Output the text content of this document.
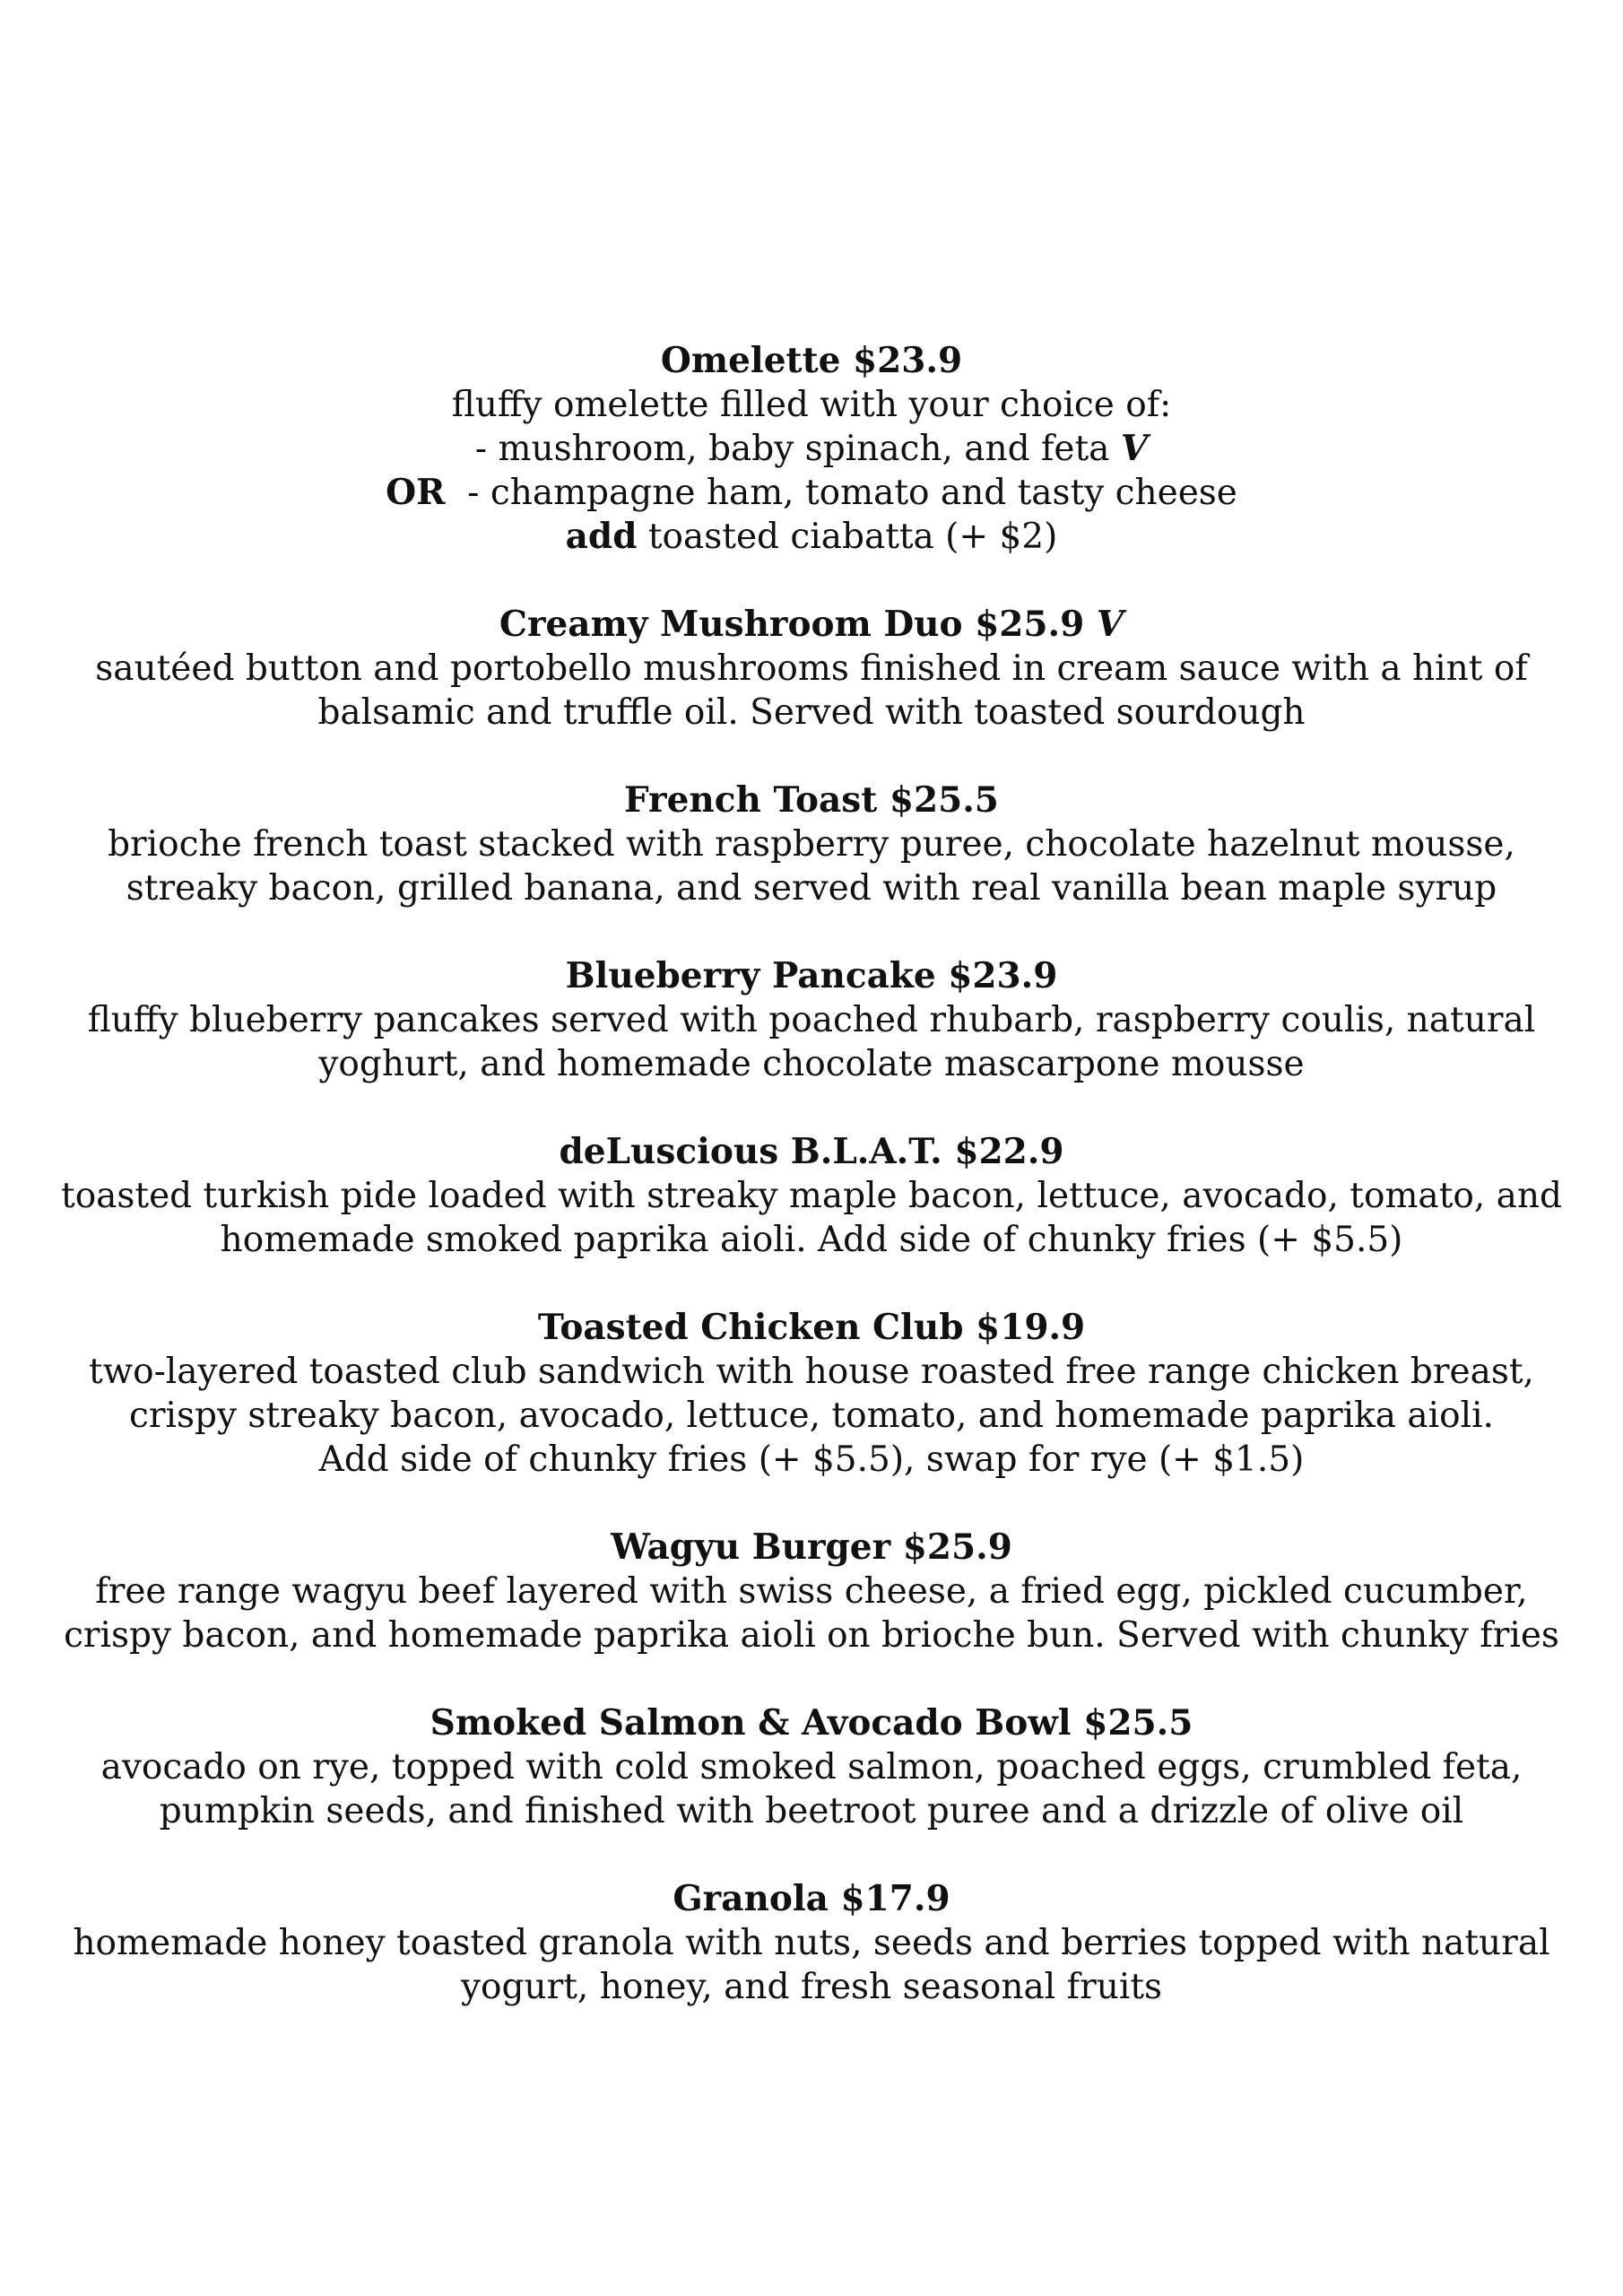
Omelette $23.9
fluffy omelette filled with your choice of:
- mushroom, baby spinach, and feta V
OR - champagne ham, tomato and tasty cheese
add toasted ciabatta (+ $2)
Creamy Mushroom Duo $25.9 V
sautéed button and portobello mushrooms finished in cream sauce with a hint of
balsamic and truffle oil. Served with toasted sourdough
French Toast $25.5
brioche french toast stacked with raspberry puree, chocolate hazelnut mousse,
streaky bacon, grilled banana, and served with real vanilla bean maple syrup
Blueberry Pancake $23.9
fluffy blueberry pancakes served with poached rhubarb, raspberry coulis, natural
yoghurt, and homemade chocolate mascarpone mousse
deLuscious B.L.A.T. $22.9
toasted turkish pide loaded with streaky maple bacon, lettuce, avocado, tomato, and
homemade smoked paprika aioli. Add side of chunky fries (+ $5.5)
Toasted Chicken Club $19.9
two-layered toasted club sandwich with house roasted free range chicken breast,
crispy streaky bacon, avocado, lettuce, tomato, and homemade paprika aioli.
Add side of chunky fries (+ $5.5), swap for rye (+ $1.5)
Wagyu Burger $25.9
free range wagyu beef layered with swiss cheese, a fried egg, pickled cucumber,
crispy bacon, and homemade paprika aioli on brioche bun. Served with chunky fries
Smoked Salmon & Avocado Bowl $25.5
avocado on rye, topped with cold smoked salmon, poached eggs, crumbled feta,
pumpkin seeds, and finished with beetroot puree and a drizzle of olive oil
Granola $17.9
homemade honey toasted granola with nuts, seeds and berries topped with natural
yogurt, honey, and fresh seasonal fruits
